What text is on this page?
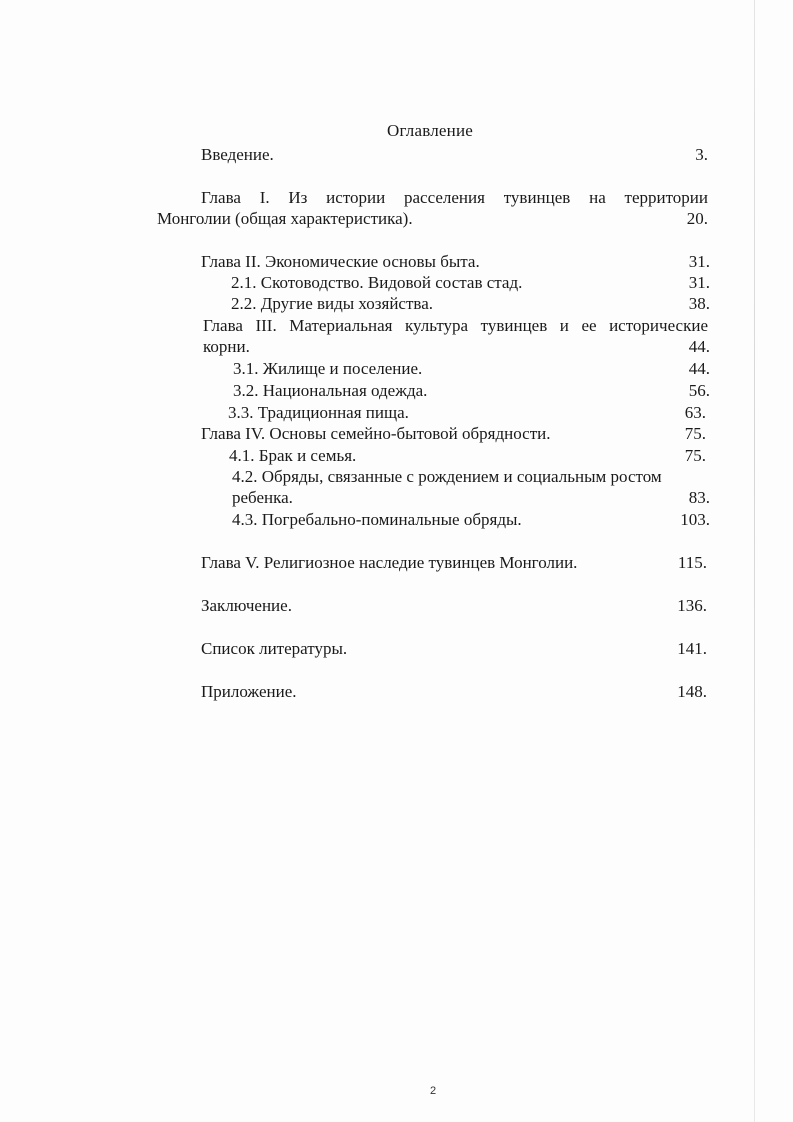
Оглавление
Введение.	3.
Глава I. Из истории расселения тувинцев на территории
Монголии (общая характеристика).	20.
Глава II. Экономические основы быта.	31.
2.1. Скотоводство. Видовой состав стад.	31.
2.2. Другие виды хозяйства.	38.
Глава III. Материальная культура тувинцев и ее исторические
корни.	44.
3.1. Жилище и поселение.	44.
3.2. Национальная одежда.	56.
3.3. Традиционная пища.	63.
Глава IV. Основы семейно-бытовой обрядности.	75.
4.1. Брак и семья.	75.
4.2. Обряды, связанные с рождением и социальным ростом
ребенка.	83.
4.3. Погребально-поминальные обряды.	103.
Глава V. Религиозное наследие тувинцев Монголии.	115.
Заключение.	136.
Список литературы.	141.
Приложение.	148.
2
